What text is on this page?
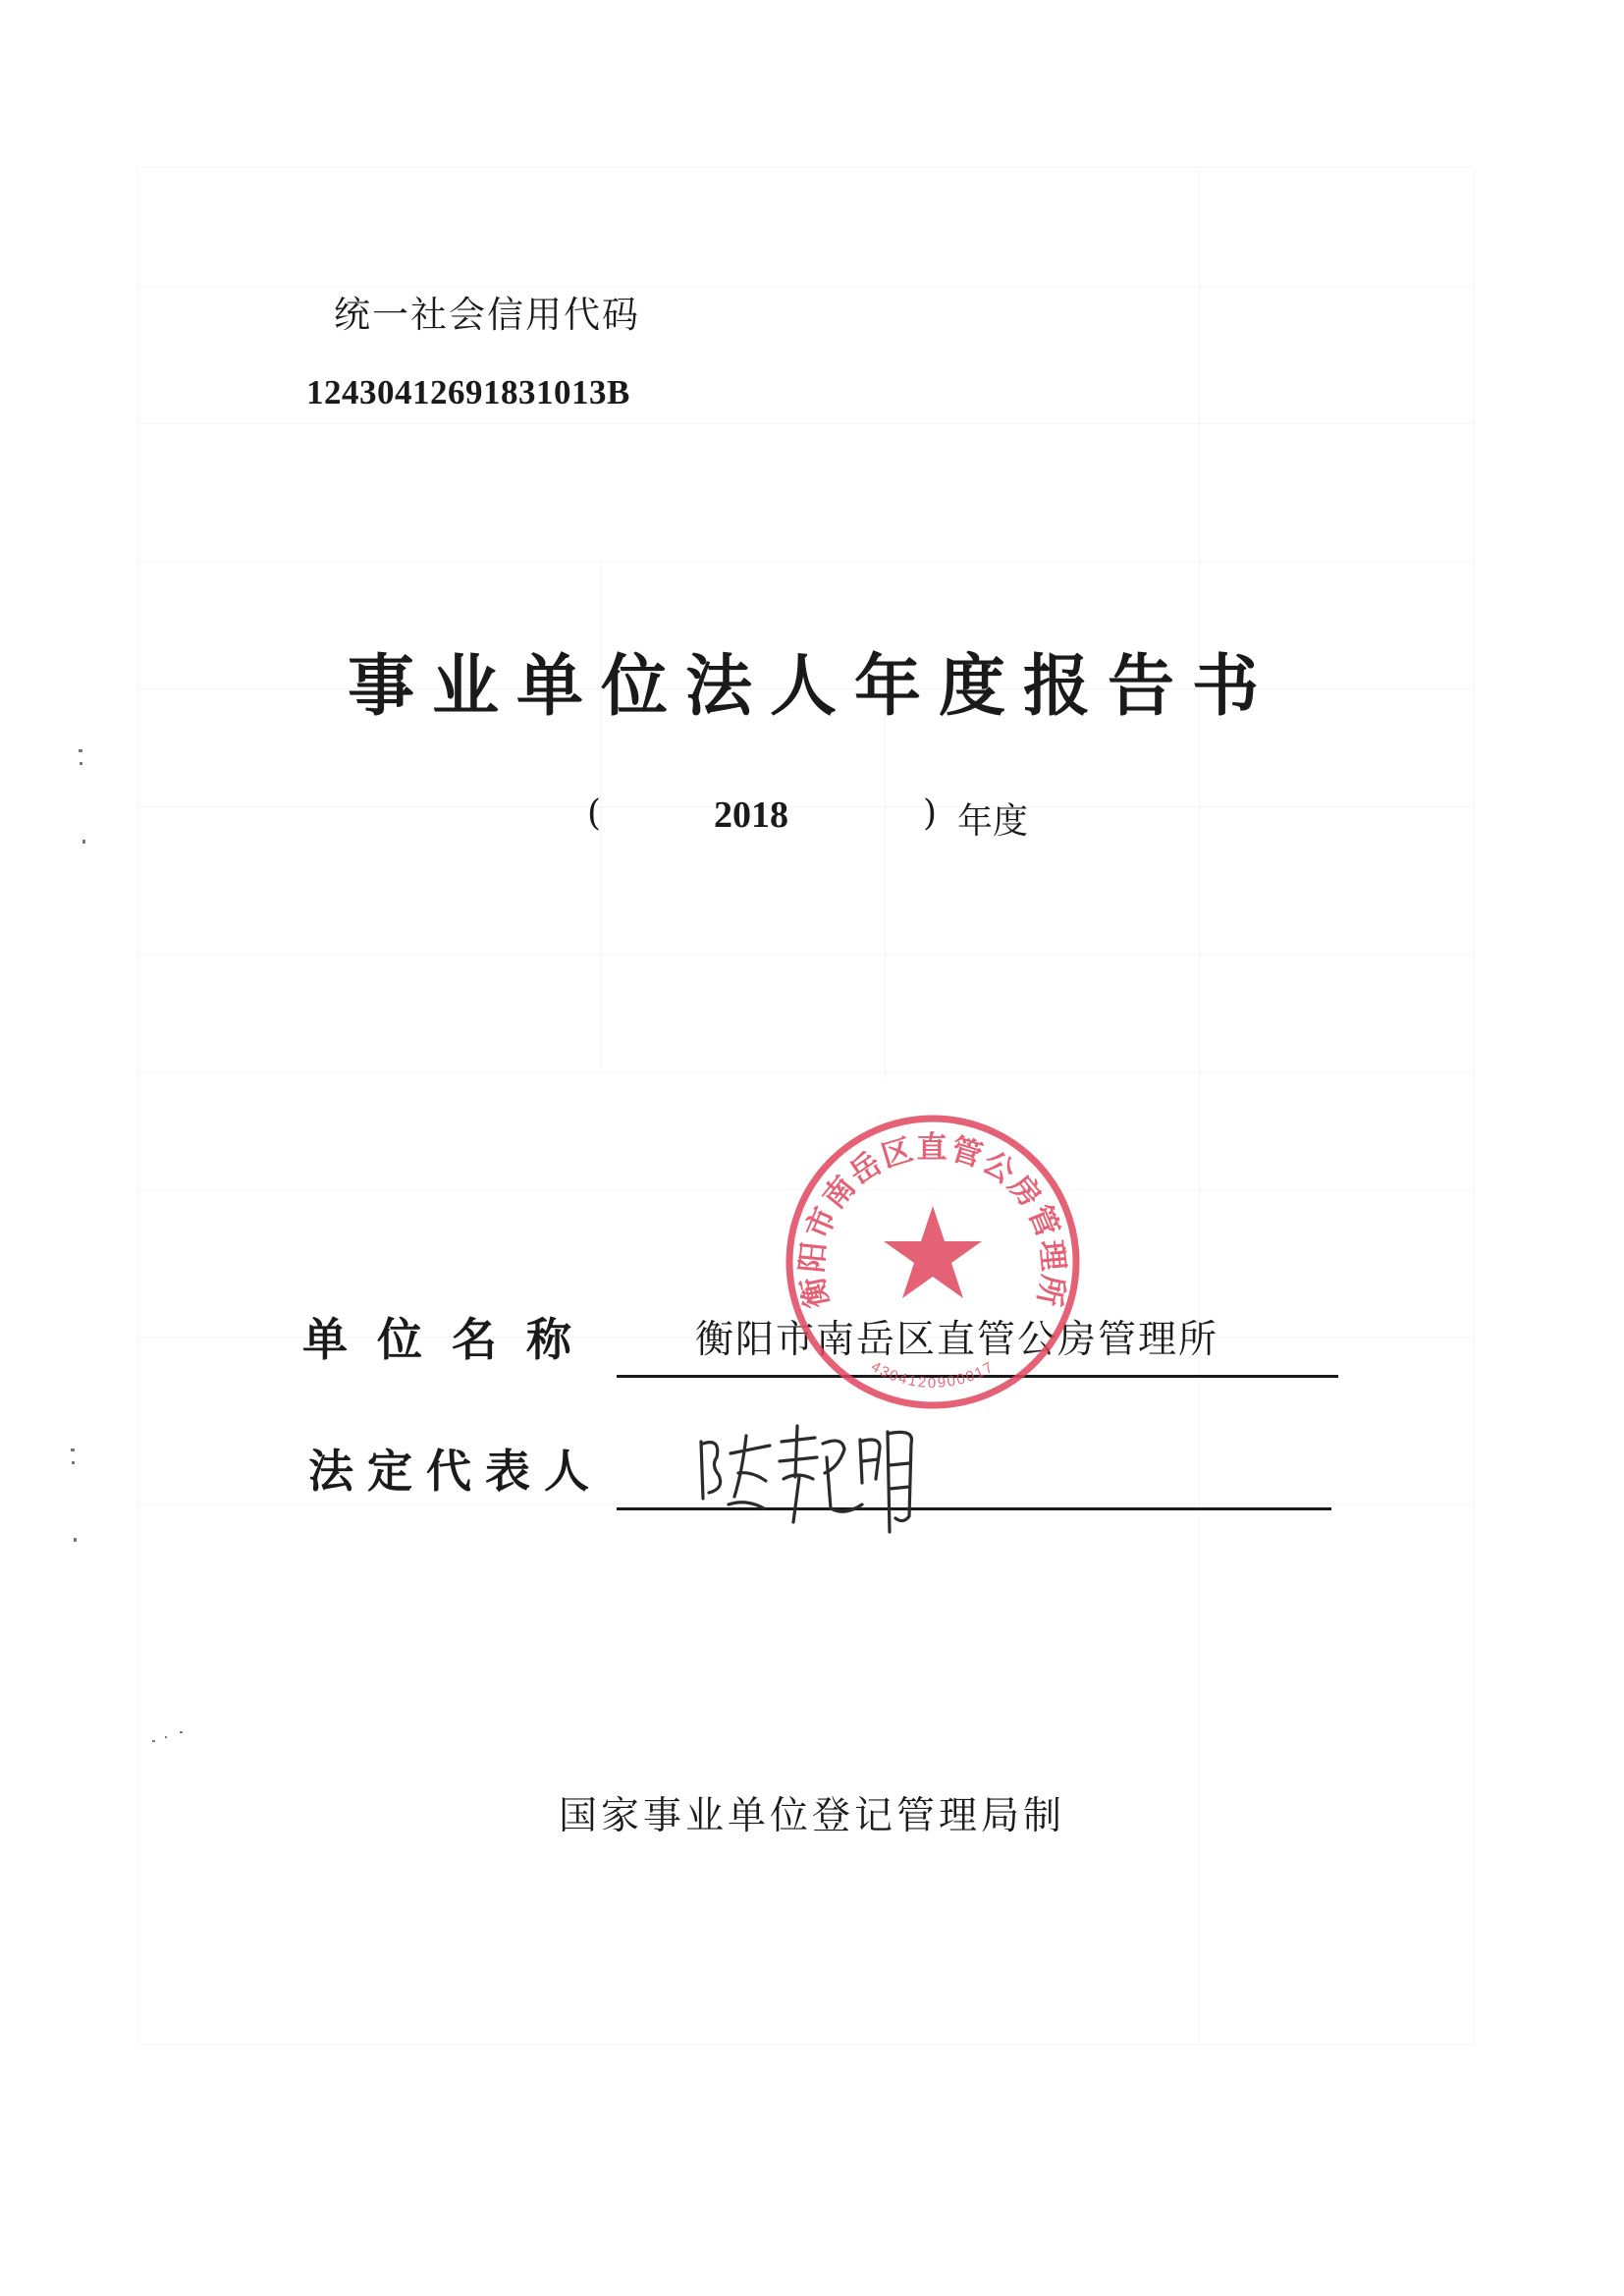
统一社会信用代码
12430412691831013B
事业单位法人年度报告书
(	2018	) 年度
单位名称 衡阳市南岳区直管公房管理所
法定代表人
衡阳市南岳区直管公房管理所
4304120900017
国家事业单位登记管理局制
